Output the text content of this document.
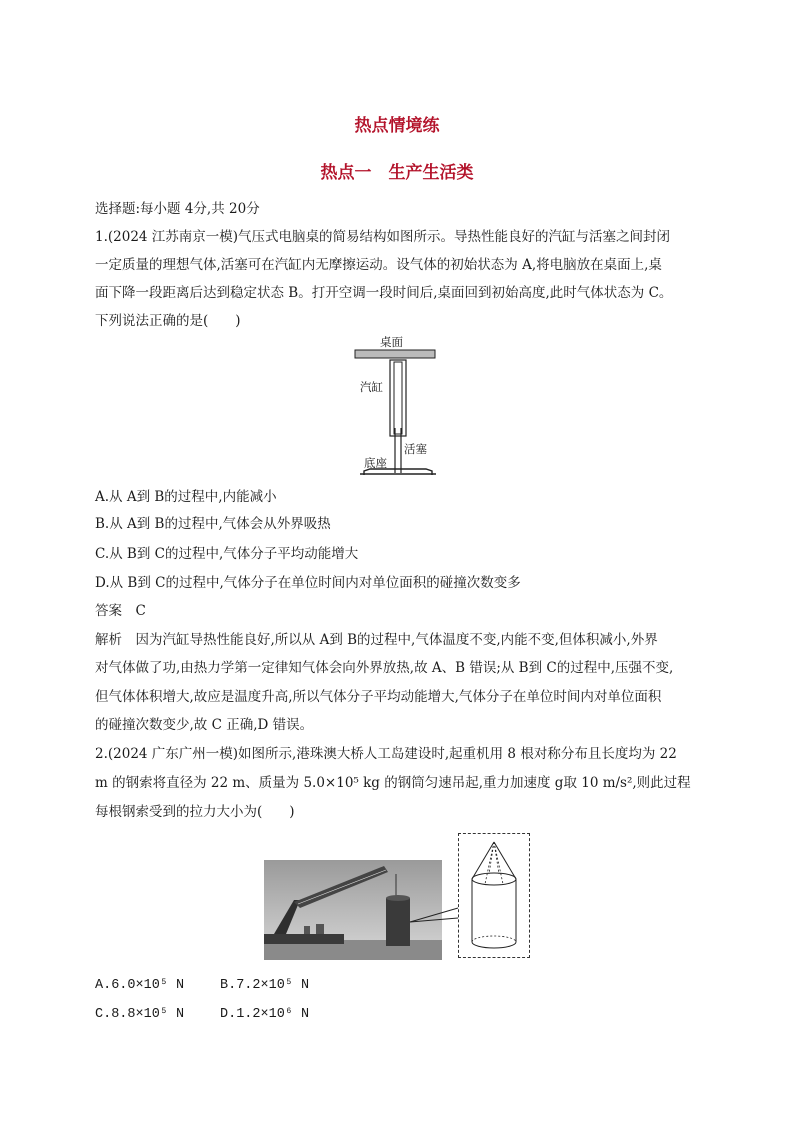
热点情境练
热点一　生产生活类
选择题:每小题 4分,共 20分
1.(2024 江苏南京一模)气压式电脑桌的简易结构如图所示。导热性能良好的汽缸与活塞之间封闭
一定质量的理想气体,活塞可在汽缸内无摩擦运动。设气体的初始状态为 A,将电脑放在桌面上,桌
面下降一段距离后达到稳定状态 B。打开空调一段时间后,桌面回到初始高度,此时气体状态为 C。
下列说法正确的是(　　)
桌面
汽缸
活塞
底座
A.从 A到 B的过程中,内能减小
B.从 A到 B的过程中,气体会从外界吸热
C.从 B到 C的过程中,气体分子平均动能增大
D.从 B到 C的过程中,气体分子在单位时间内对单位面积的碰撞次数变多
答案　C
解析　因为汽缸导热性能良好,所以从 A到 B的过程中,气体温度不变,内能不变,但体积减小,外界
对气体做了功,由热力学第一定律知气体会向外界放热,故 A、B 错误;从 B到 C的过程中,压强不变,
但气体体积增大,故应是温度升高,所以气体分子平均动能增大,气体分子在单位时间内对单位面积
的碰撞次数变少,故 C 正确,D 错误。
2.(2024 广东广州一模)如图所示,港珠澳大桥人工岛建设时,起重机用 8 根对称分布且长度均为 22
m 的钢索将直径为 22 m、质量为 5.0×10⁵ kg 的钢筒匀速吊起,重力加速度 g取 10 m/s²,则此过程
每根钢索受到的拉力大小为(　　)
A.6.0×10⁵ N	B.7.2×10⁵ N
C.8.8×10⁵ N	D.1.2×10⁶ N
